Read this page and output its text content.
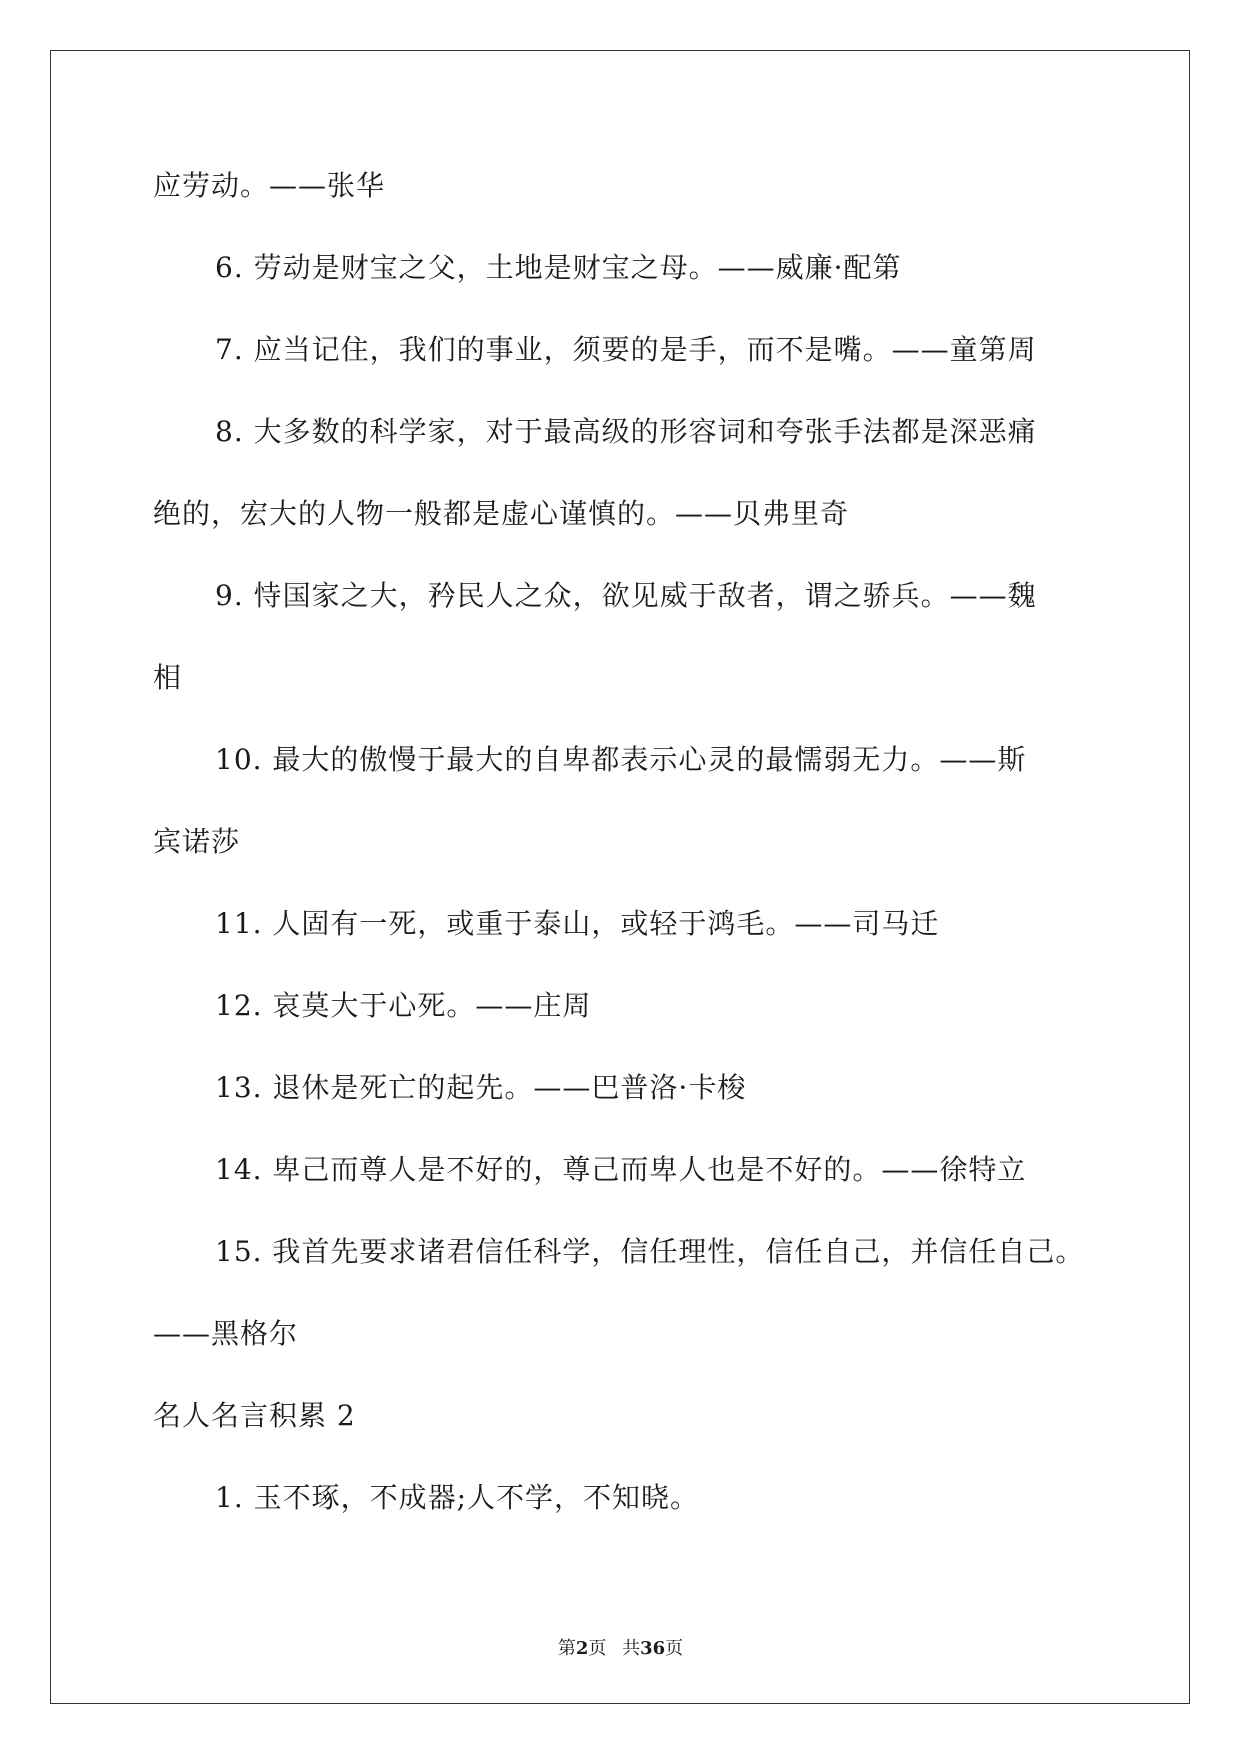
应劳动。——张华
6. 劳动是财宝之父，土地是财宝之母。——威廉·配第
7. 应当记住，我们的事业，须要的是手，而不是嘴。——童第周
8. 大多数的科学家，对于最高级的形容词和夸张手法都是深恶痛
绝的，宏大的人物一般都是虚心谨慎的。——贝弗里奇
9. 恃国家之大，矜民人之众，欲见威于敌者，谓之骄兵。——魏
相
10. 最大的傲慢于最大的自卑都表示心灵的最懦弱无力。——斯
宾诺莎
11. 人固有一死，或重于泰山，或轻于鸿毛。——司马迁
12. 哀莫大于心死。——庄周
13. 退休是死亡的起先。——巴普洛·卡梭
14. 卑己而尊人是不好的，尊己而卑人也是不好的。——徐特立
15. 我首先要求诸君信任科学，信任理性，信任自己，并信任自己。
——黑格尔
名人名言积累 2
1. 玉不琢，不成器;人不学，不知晓。
第2页 共36页
